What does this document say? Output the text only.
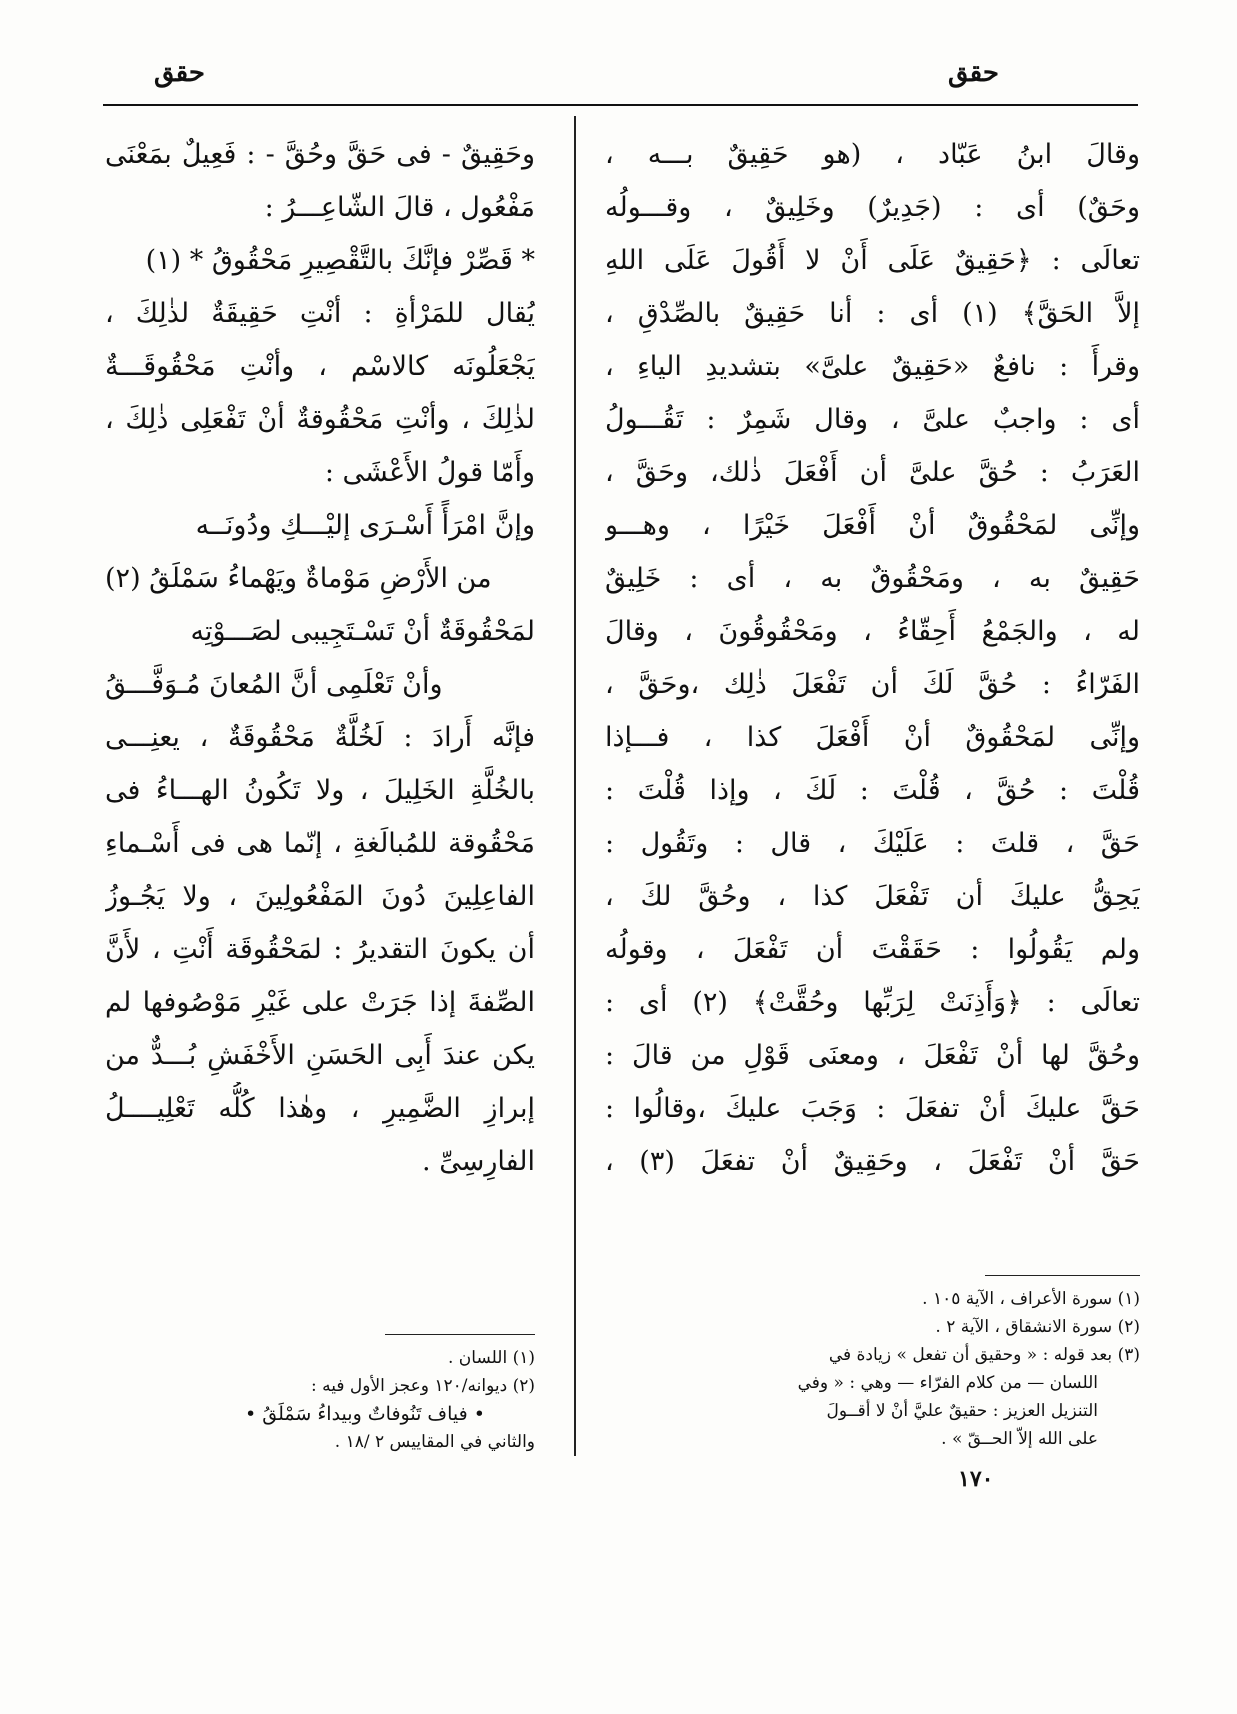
حقق
حقق
وقالَ ابنُ عَبّاد ، (هو حَقِيقٌ بـــه ،
وحَقٌ) أى : (جَدِيرٌ) وخَلِيقٌ ، وقـــولُه
تعالَى : ﴿حَقِيقٌ عَلَى أَنْ لا أَقُولَ عَلَى اللهِ
إلاَّ الحَقَّ﴾ (١) أى : أنا حَقِيقٌ بالصِّدْقِ ،
وقرأَ : نافعٌ «حَقِيقٌ علىَّ» بتشديدِ الياءِ ،
أى : واجبٌ علىَّ ، وقال شَمِرٌ : تَقُـــولُ
العَرَبُ : حُقَّ علىَّ أن أَفْعَلَ ذٰلك، وحَقَّ ،
وإنِّى لمَحْقُوقٌ أنْ أَفْعَلَ خَيْرًا ، وهـــو
حَقِيقٌ به ، ومَحْقُوقٌ به ، أى : خَلِيقٌ
له ، والجَمْعُ أَحِقّاءُ ، ومَحْقُوقُونَ ، وقالَ
الفَرّاءُ : حُقَّ لَكَ أن تَفْعَلَ ذٰلِك ،وحَقَّ ،
وإنِّى لمَحْقُوقٌ أنْ أَفْعَلَ كذا ، فـــإذا
قُلْتَ : حُقَّ ، قُلْتَ : لَكَ ، وإذا قُلْتَ :
حَقَّ ، قلتَ : عَلَيْكَ ، قال : وتَقُول :
يَحِقُّ عليكَ أن تَفْعَلَ كذا ، وحُقَّ لكَ ،
ولم يَقُولُوا : حَقَقْتَ أن تَفْعَلَ ، وقولُه
تعالَى : ﴿وَأَذِنَتْ لِرَبِّها وحُقَّتْ﴾ (٢) أى :
وحُقَّ لها أنْ تَفْعَلَ ، ومعنَى قَوْلِ من قالَ :
حَقَّ عليكَ أنْ تفعَلَ : وَجَبَ عليكَ ،وقالُوا :
حَقَّ أنْ تَفْعَلَ ، وحَقِيقٌ أنْ تفعَلَ (٣) ،
وحَقِيقٌ - فى حَقَّ وحُقَّ - : فَعِيلٌ بمَعْنَى
مَفْعُول ، قالَ الشّاعِـــرُ :
* قَصِّرْ فإنَّكَ بالتَّقْصِيرِ مَحْقُوقُ * (١)
يُقال للمَرْأةِ : أنْتِ حَقِيقَةٌ لذٰلِكَ ،
يَجْعَلُونَه كالاسْم ، وأنْتِ مَحْقُوقَـــةٌ
لذٰلِكَ ، وأنْتِ مَحْقُوقةٌ أنْ تَفْعَلِى ذٰلِكَ ،
وأَمّا قولُ الأَعْشَى :
وإنَّ امْرَأً أَسْـرَى إليْـــكِ ودُونَــه
من الأَرْضِ مَوْماةٌ ويَهْماءُ سَمْلَقُ (٢)
لمَحْقُوقَةٌ أنْ تَسْـتَجِيبى لصَـــوْتِه
وأنْ تَعْلَمِى أنَّ المُعانَ مُـوَفَّـــقُ
فإنَّه أَرادَ : لَخُلَّةٌ مَحْقُوقَةٌ ، يعنِـــى
بالخُلَّةِ الخَلِيلَ ، ولا تَكُونُ الهـــاءُ فى
مَحْقُوقة للمُبالَغةِ ، إنّما هى فى أَسْـماءِ
الفاعِلِينَ دُونَ المَفْعُولِينَ ، ولا يَجُـوزُ
أن يكونَ التقديرُ : لمَحْقُوقَة أَنْتِ ، لأَنَّ
الصِّفةَ إذا جَرَتْ على غَيْرِ مَوْصُوفها لم
يكن عندَ أَبِى الحَسَنِ الأَخْفَشِ بُـــدٌّ من
إبرازِ الضَّمِيرِ ، وهٰذا كُلُّه تَعْلِيــــلُ
الفارِسِىِّ .
(١) سورة الأعراف ، الآية ١٠٥ .
(٢) سورة الانشقاق ، الآية ٢ .
(٣) بعد قوله : « وحقيق أن تفعل » زيادة في
اللسان — من كلام الفرّاء — وهي : « وفي
التنزيل العزيز : حقيقٌ عليَّ أنْ لا أقــولَ
على الله إلاّ الحــقّ » .
(١) اللسان .
(٢) ديوانه/١٢٠ وعجز الأول فيه :
• فياف تَنُوفاتٌ وبيداءُ سَمْلَقُ •
والثاني في المقاييس ٢ /١٨ .
١٧٠
